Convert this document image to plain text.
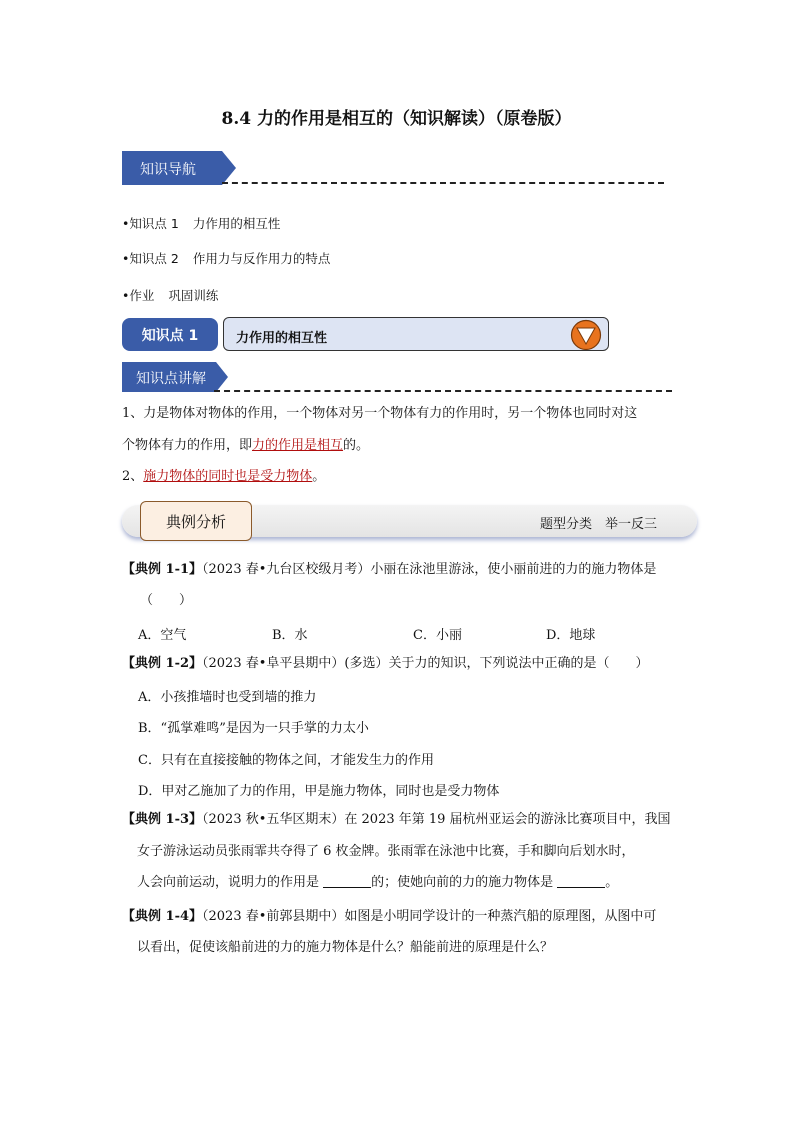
8.4 力的作用是相互的（知识解读）（原卷版）
知识导航
•知识点 1 力作用的相互性
•知识点 2 作用力与反作用力的特点
•作业 巩固训练
知识点 1	力作用的相互性
知识点讲解
1、力是物体对物体的作用，一个物体对另一个物体有力的作用时，另一个物体也同时对这
个物体有力的作用，即力的作用是相互的。
2、施力物体的同时也是受力物体。
典例分析	题型分类　举一反三
【典例 1-1】（2023 春•九台区校级月考）小丽在泳池里游泳，使小丽前进的力的施力物体是
（　　）
A．空气	B．水	C．小丽	D．地球
【典例 1-2】（2023 春•阜平县期中）(多选）关于力的知识，下列说法中正确的是（　　）
A．小孩推墙时也受到墙的推力
B．“孤掌难鸣”是因为一只手掌的力太小
C．只有在直接接触的物体之间，才能发生力的作用
D．甲对乙施加了力的作用，甲是施力物体，同时也是受力物体
【典例 1-3】（2023 秋•五华区期末）在 2023 年第 19 届杭州亚运会的游泳比赛项目中，我国
女子游泳运动员张雨霏共夺得了 6 枚金牌。张雨霏在泳池中比赛，手和脚向后划水时，
人会向前运动，说明力的作用是	的；使她向前的力的施力物体是	。
【典例 1-4】（2023 春•前郭县期中）如图是小明同学设计的一种蒸汽船的原理图，从图中可
以看出，促使该船前进的力的施力物体是什么？船能前进的原理是什么？
